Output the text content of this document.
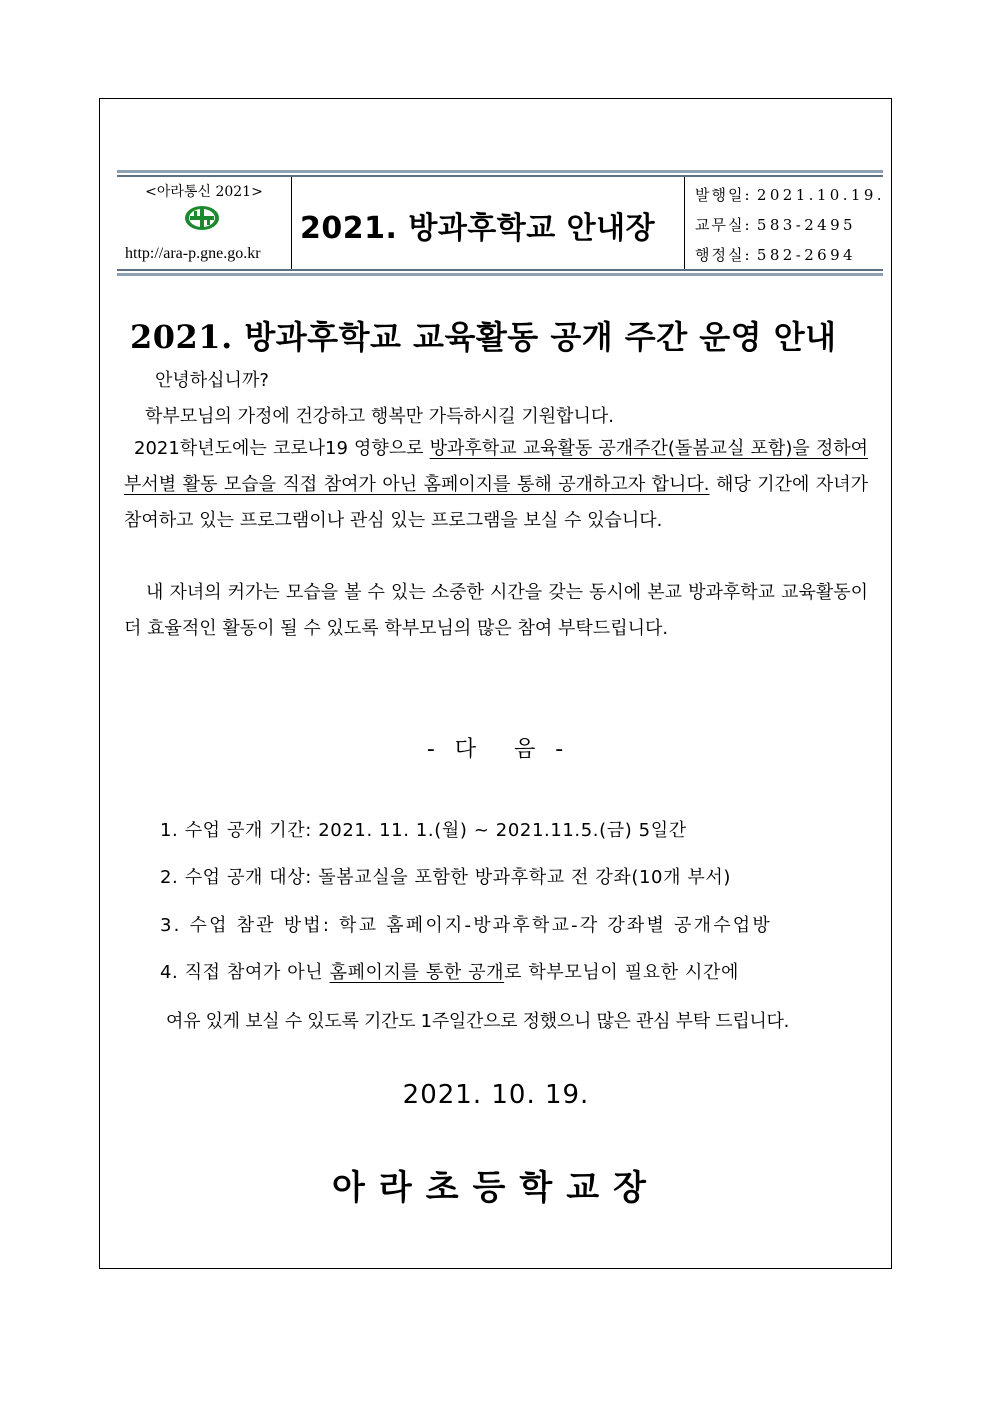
<아라통신 2021>
http://ara-p.gne.go.kr
2021. 방과후학교 안내장
발행일: 2021.10.19.
교무실: 583-2495
행정실: 582-2694
2021. 방과후학교 교육활동 공개 주간 운영 안내
안녕하십니까?
학부모님의 가정에 건강하고 행복만 가득하시길 기원합니다.
2021학년도에는 코로나19 영향으로 방과후학교 교육활동 공개주간(돌봄교실 포함)을 정하여 부서별 활동 모습을 직접 참여가 아닌 홈페이지를 통해 공개하고자 합니다. 해당 기간에 자녀가 참여하고 있는 프로그램이나 관심 있는 프로그램을 보실 수 있습니다.
내 자녀의 커가는 모습을 볼 수 있는 소중한 시간을 갖는 동시에 본교 방과후학교 교육활동이 더 효율적인 활동이 될 수 있도록 학부모님의 많은 참여 부탁드립니다.
-  다    음  -
1. 수업 공개 기간: 2021. 11. 1.(월) ~ 2021.11.5.(금) 5일간
2. 수업 공개 대상: 돌봄교실을 포함한 방과후학교 전 강좌(10개 부서)
3. 수업 참관 방법: 학교 홈페이지-방과후학교-각 강좌별 공개수업방
4. 직접 참여가 아닌 홈페이지를 통한 공개로 학부모님이 필요한 시간에
여유 있게 보실 수 있도록 기간도 1주일간으로 정했으니 많은 관심 부탁 드립니다.
2021. 10. 19.
아라초등학교장
